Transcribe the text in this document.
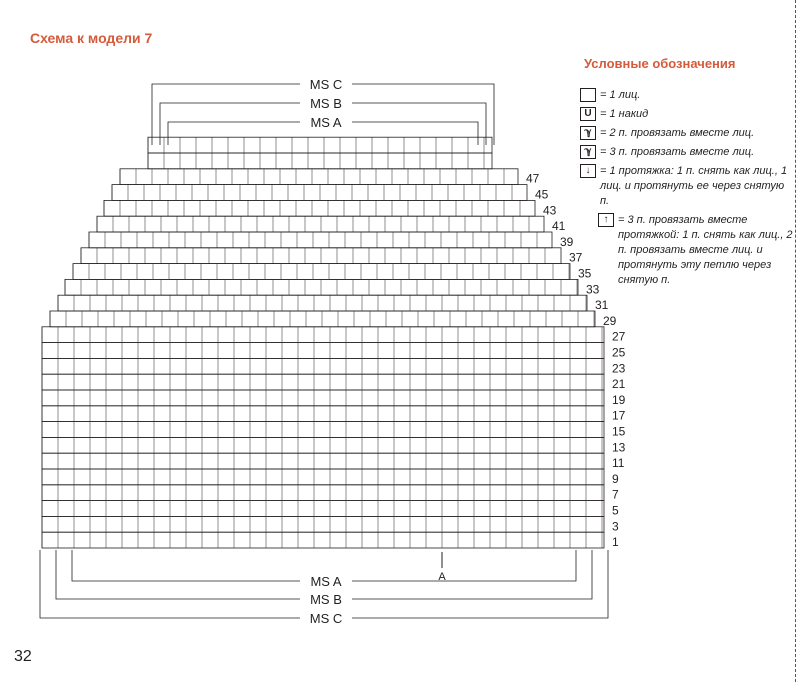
Схема к модели 7
Условные обозначения
= 1 лиц.
U = 1 накид
ℽ = 2 п. провязать вместе лиц.
ℽ = 3 п. провязать вместе лиц.
↓ = 1 протяжка: 1 п. снять как лиц., 1 лиц. и протянуть ее через снятую п.
↑ = 3 п. провязать вместе протяжкой: 1 п. снять как лиц., 2 п. провязать вместе лиц. и протянуть эту петлю через снятую п.
47
45
43
41
39
37
35
33
31
29
27
25
23
21
19
17
15
13
11
9
7
5
3
1
MS C
MS B
MS A
MS A
MS B
MS C
A
32
